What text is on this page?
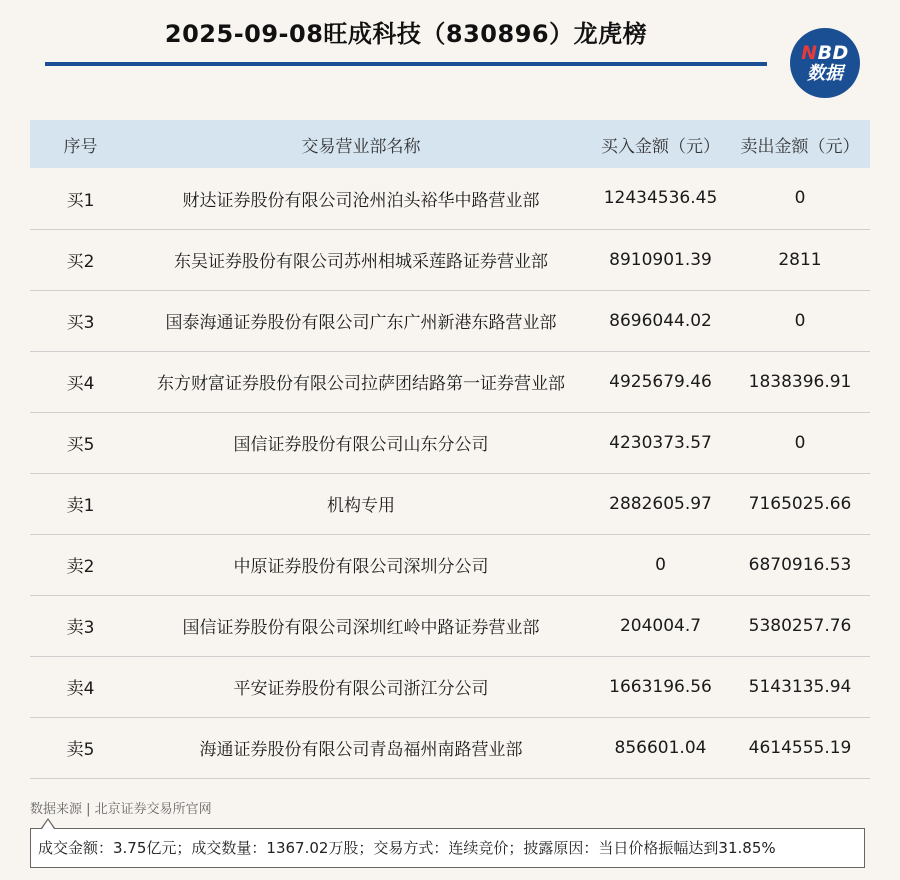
2025-09-08旺成科技（830896）龙虎榜
NBD
数据
序号	交易营业部名称	买入金额（元）	卖出金额（元）
买1	财达证券股份有限公司沧州泊头裕华中路营业部	12434536.45	0
买2	东吴证券股份有限公司苏州相城采莲路证券营业部	8910901.39	2811
买3	国泰海通证券股份有限公司广东广州新港东路营业部	8696044.02	0
买4	东方财富证券股份有限公司拉萨团结路第一证券营业部	4925679.46	1838396.91
买5	国信证券股份有限公司山东分公司	4230373.57	0
卖1	机构专用	2882605.97	7165025.66
卖2	中原证券股份有限公司深圳分公司	0	6870916.53
卖3	国信证券股份有限公司深圳红岭中路证券营业部	204004.7	5380257.76
卖4	平安证券股份有限公司浙江分公司	1663196.56	5143135.94
卖5	海通证券股份有限公司青岛福州南路营业部	856601.04	4614555.19
数据来源 | 北京证券交易所官网
成交金额：3.75亿元；成交数量：1367.02万股；交易方式：连续竞价；披露原因：当日价格振幅达到31.85%
